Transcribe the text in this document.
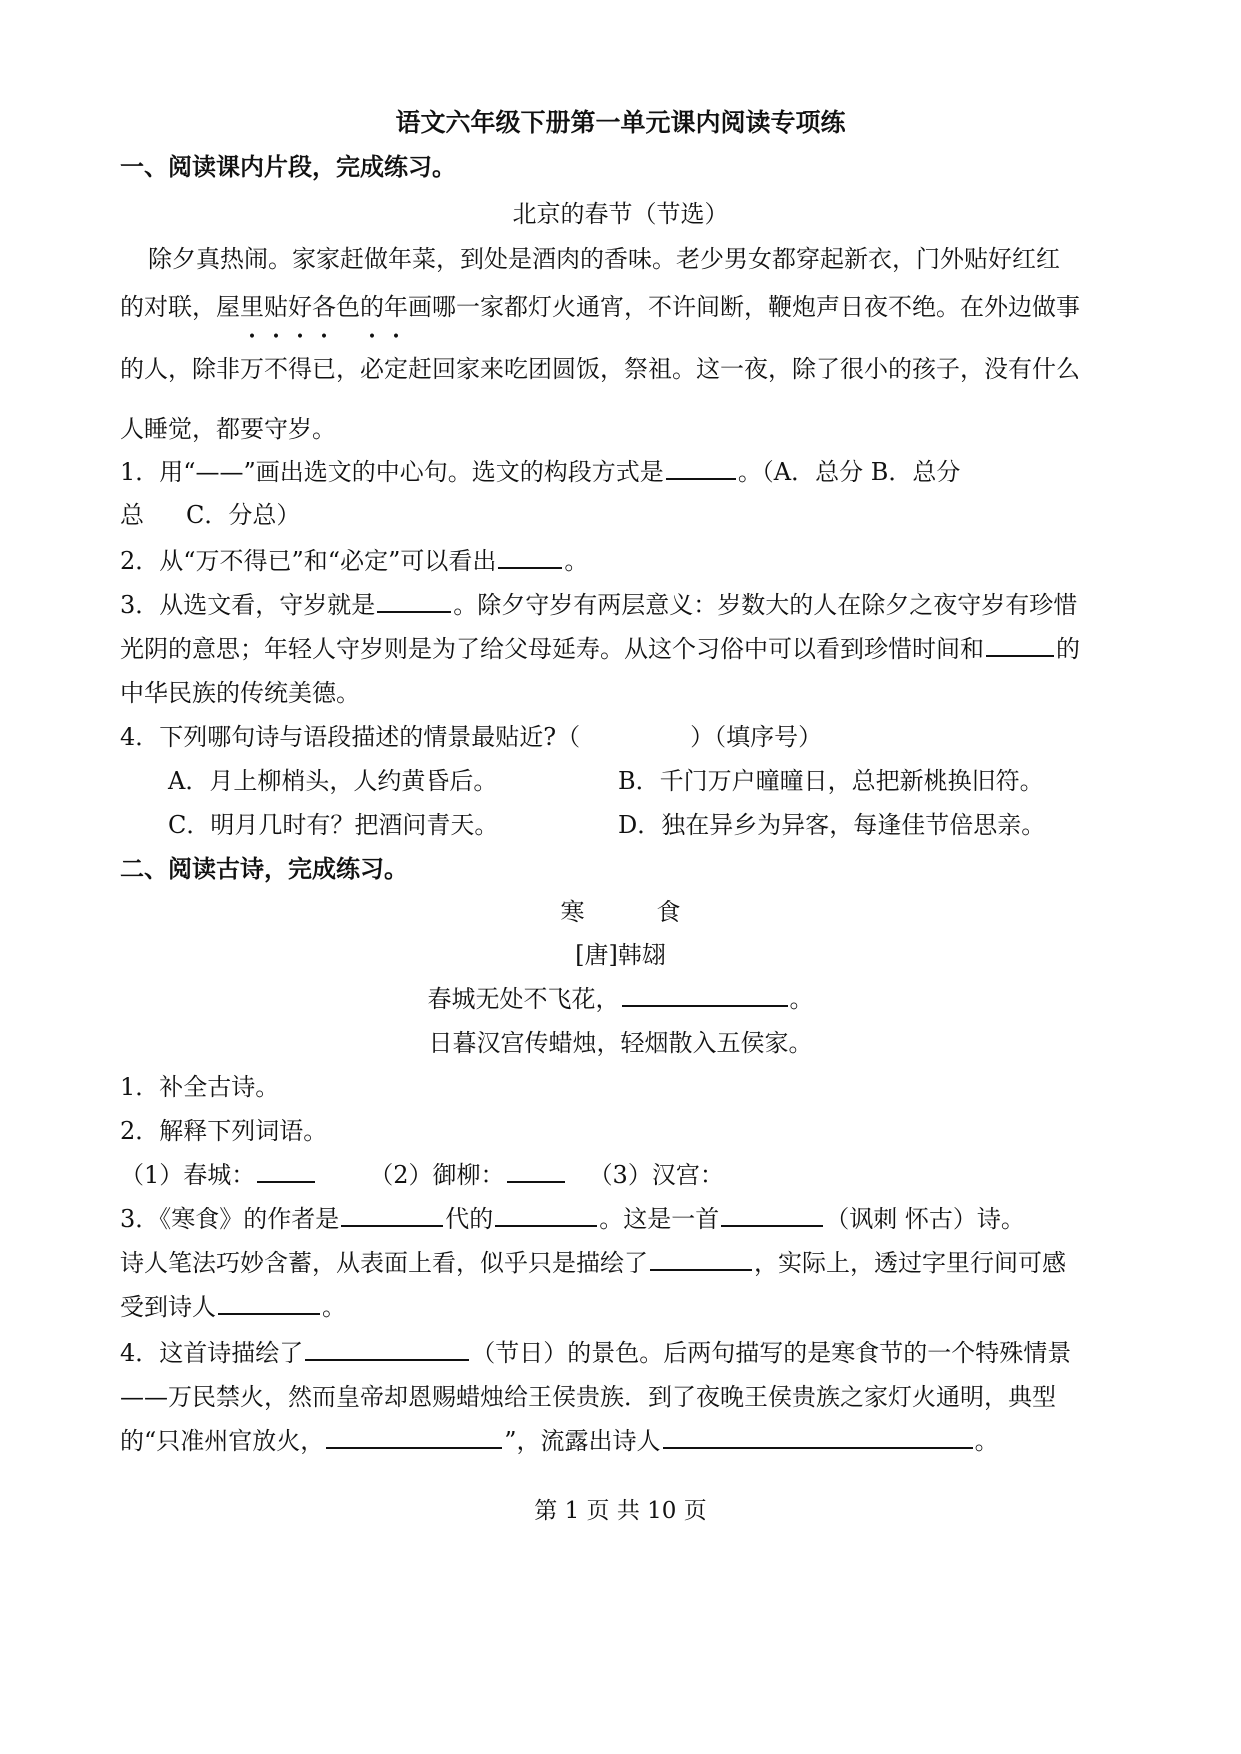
语文六年级下册第一单元课内阅读专项练
一、阅读课内片段，完成练习。
北京的春节（节选）
除夕真热闹。家家赶做年菜，到处是酒肉的香味。老少男女都穿起新衣，门外贴好红红
的对联，屋里贴好各色的年画哪一家都灯火通宵，不许间断，鞭炮声日夜不绝。在外边做事
的人，除非万不得已，必定赶回家来吃团圆饭，祭祖。这一夜，除了很小的孩子，没有什么
人睡觉，都要守岁。
1．用“——”画出选文的中心句。选文的构段方式是	。（A．总分 B．总分
总 C．分总）
2．从“万不得已”和“必定”可以看出	。
3．从选文看，守岁就是	。除夕守岁有两层意义：岁数大的人在除夕之夜守岁有珍惜
光阴的意思；年轻人守岁则是为了给父母延寿。从这个习俗中可以看到珍惜时间和	的
中华民族的传统美德。
4．下列哪句诗与语段描述的情景最贴近?（	）（填序号）
A．月上柳梢头，人约黄昏后。	B．千门万户曈曈日，总把新桃换旧符。
C．明月几时有？把酒问青天。	D．独在异乡为异客，每逢佳节倍思亲。
二、阅读古诗，完成练习。
寒　　　食
[唐]韩翃
春城无处不飞花，	。
日暮汉宫传蜡烛，轻烟散入五侯家。
1．补全古诗。
2．解释下列词语。
（1）春城：	（2）御柳：	（3）汉宫：
3．《寒食》的作者是	代的	。这是一首	（讽刺 怀古）诗。
诗人笔法巧妙含蓄，从表面上看，似乎只是描绘了	，实际上，透过字里行间可感
受到诗人	。
4．这首诗描绘了	（节日）的景色。后两句描写的是寒食节的一个特殊情景
——万民禁火，然而皇帝却恩赐蜡烛给王侯贵族．到了夜晚王侯贵族之家灯火通明，典型
的“只准州官放火，	”，流露出诗人	。
第 1 页 共 10 页
